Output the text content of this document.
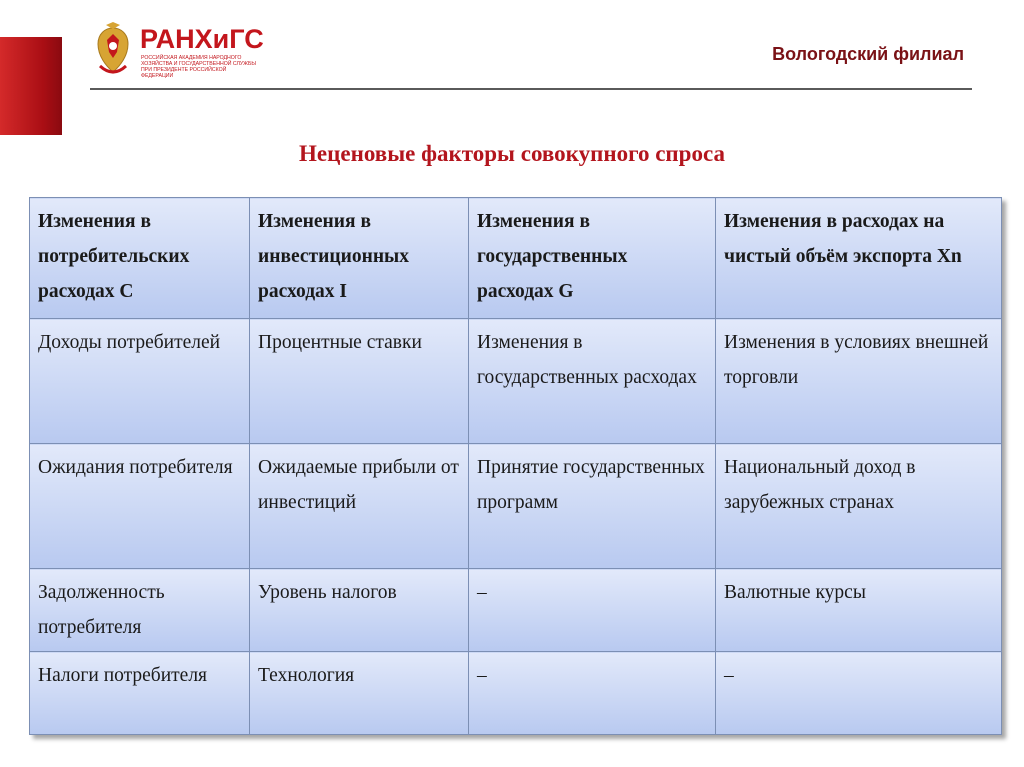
РАНХиГС
РОССИЙСКАЯ АКАДЕМИЯ НАРОДНОГО ХОЗЯЙСТВА И ГОСУДАРСТВЕННОЙ СЛУЖБЫ ПРИ ПРЕЗИДЕНТЕ РОССИЙСКОЙ ФЕДЕРАЦИИ
Вологодский филиал
Неценовые факторы совокупного спроса
Изменения в потребительских расходах С	Изменения в инвестиционных расходах I	Изменения в государственных расходах G	Изменения в расходах на чистый объём экспорта Xn
Доходы потребителей	Процентные ставки	Изменения в государственных расходах	Изменения в условиях внешней торговли
Ожидания потребителя	Ожидаемые прибыли от инвестиций	Принятие государственных программ	Национальный доход в зарубежных странах
Задолженность потребителя	Уровень налогов	–	Валютные курсы
Налоги потребителя	Технология	–	–
